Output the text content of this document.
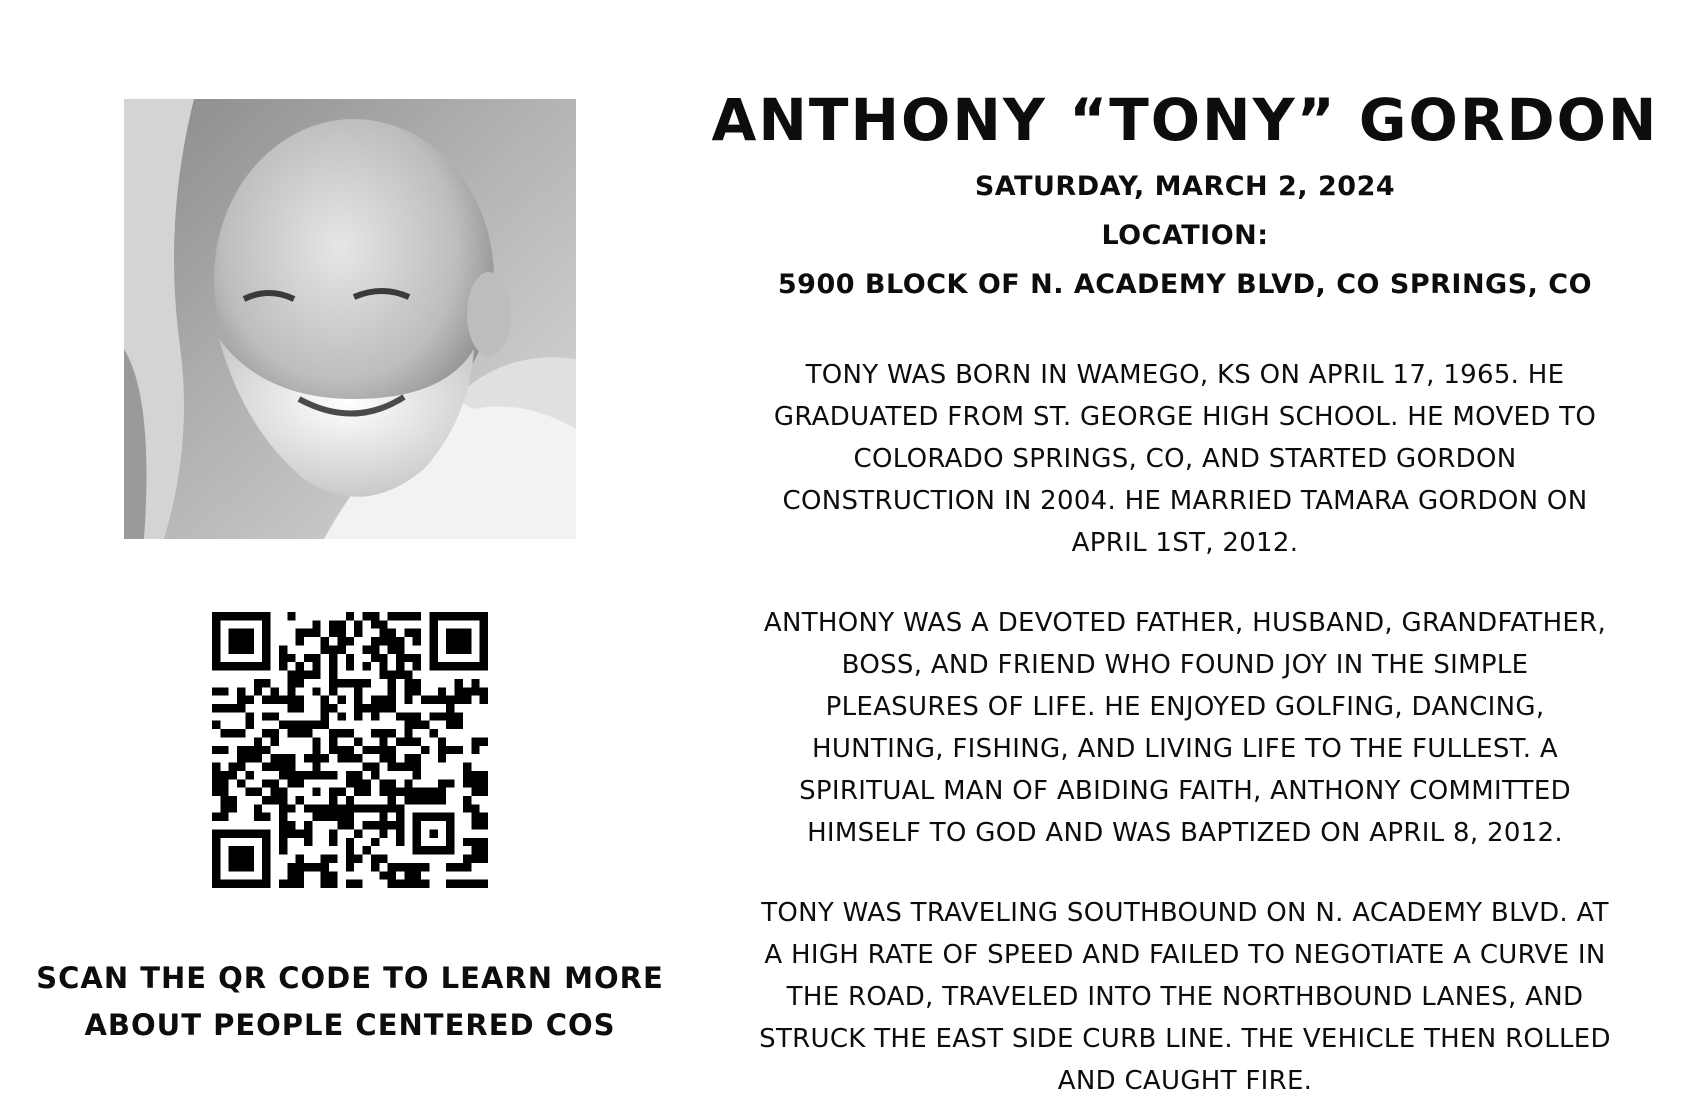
SCAN THE QR CODE TO LEARN MORE
ABOUT PEOPLE CENTERED COS
ANTHONY “TONY” GORDON
SATURDAY, MARCH 2, 2024
LOCATION:
5900 BLOCK OF N. ACADEMY BLVD, CO SPRINGS, CO
TONY WAS BORN IN WAMEGO, KS ON APRIL 17, 1965. HE
GRADUATED FROM ST. GEORGE HIGH SCHOOL. HE MOVED TO
COLORADO SPRINGS, CO, AND STARTED GORDON
CONSTRUCTION IN 2004. HE MARRIED TAMARA GORDON ON
APRIL 1ST, 2012.
ANTHONY WAS A DEVOTED FATHER, HUSBAND, GRANDFATHER,
BOSS, AND FRIEND WHO FOUND JOY IN THE SIMPLE
PLEASURES OF LIFE. HE ENJOYED GOLFING, DANCING,
HUNTING, FISHING, AND LIVING LIFE TO THE FULLEST. A
SPIRITUAL MAN OF ABIDING FAITH, ANTHONY COMMITTED
HIMSELF TO GOD AND WAS BAPTIZED ON APRIL 8, 2012.
TONY WAS TRAVELING SOUTHBOUND ON N. ACADEMY BLVD. AT
A HIGH RATE OF SPEED AND FAILED TO NEGOTIATE A CURVE IN
THE ROAD, TRAVELED INTO THE NORTHBOUND LANES, AND
STRUCK THE EAST SIDE CURB LINE. THE VEHICLE THEN ROLLED
AND CAUGHT FIRE.
